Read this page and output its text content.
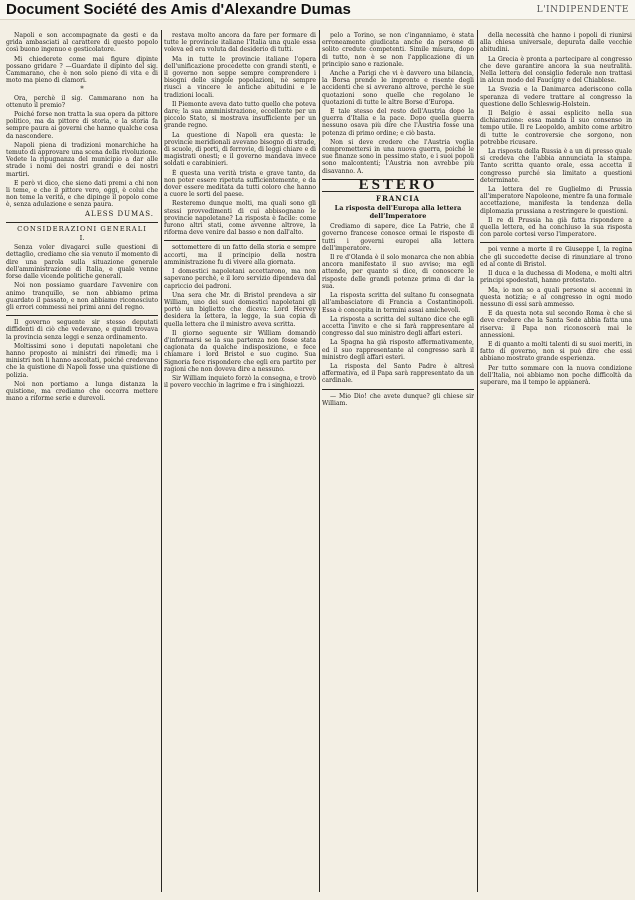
Document Société des Amis d'Alexandre Dumas	L'INDIPENDENTE

Napoli e son accompagnate da gesti e da grida ambasciati al carattere di questo popolo così buono ingenuo e gesticolatore.

Mi chiederete come mai figure dipinte possano gridare ? —Guardate il dipinto del sig. Cammarano, che è non solo pieno di vita e di moto ma pieno di clamori.

*

Ora, perchè il sig. Cammarano non ha ottenuto il premio?

Poiché forse non tratta la sua opera da pittore politico, ma da pittore di storia, e la storia fa sempre paura ai governi che hanno qualche cosa da nascondere.

Napoli piena di tradizioni monarchiche ha temuto di approvare una scena della rivoluzione. Vedete la ripugnanza del municipio a dar alle strade i nomi dei nostri grandi e dei nostri martiri.

E però vi dico, che sieno dati premi a chi non li teme, e che il pittore vero, oggi, è colui che non teme la verità, e che dipinge il popolo come è, senza adulazione e senza paura.

ALESS DUMAS.
CONSIDERAZIONI GENERALI
I.

Senza voler divagarci sulle questioni di dettaglio, crediamo che sia venuto il momento di dire una parola sulla situazione generale dell'amministrazione di Italia, e quale venne forse dalle vicende politiche generali.

Noi non possiamo guardare l'avvenire con animo tranquillo, se non abbiamo prima guardato il passato, e non abbiamo riconosciuto gli errori commessi nei primi anni del regno.

Il governo seguente sir stesso deputati diffidenti di ciò che vedevano, e quindi trovava la provincia senza leggi e senza ordinamento.

Moltissimi sono i deputati napoletani che hanno proposto ai ministri dei rimedi; ma i ministri non li hanno ascoltati, poiché credevano che la quistione di Napoli fosse una quistione di polizia.

Noi non portiamo a lunga distanza la quistione, ma crediamo che occorra mettere mano a riforme serie e durevoli.

restava molto ancora da fare per formare di tutte le provincie italiane l'Italia una quale essa voleva ed era voluta dal desiderio di tutti.

Ma in tutte le provincie italiane l'opera dell'unificazione procedette con grandi stenti, e il governo non seppe sempre comprendere i bisogni delle singole popolazioni, nè sempre riuscì a vincere le antiche abitudini e le tradizioni locali.

Il Piemonte aveva dato tutto quello che poteva dare; la sua amministrazione, eccellente per un piccolo Stato, si mostrava insufficiente per un grande regno.

La questione di Napoli era questa: le provincie meridionali avevano bisogno di strade, di scuole, di porti, di ferrovie, di leggi chiare e di magistrati onesti; e il governo mandava invece soldati e carabinieri.

È questa una verità trista e grave tanto, da non poter essere ripetuta sufficientemente, e da dover essere meditata da tutti coloro che hanno a cuore le sorti del paese.

Resteremo dunque molti, ma quali sono gli stessi provvedimenti di cui abbisognano le provincie napoletane? La risposta è facile: come furono altri stati, come avvenne altrove, la riforma deve venire dal basso e non dall'alto.

sottomettere di un fatto della storia e sempre accorti, ma il principio della nostra amministrazione fu di vivere alla giornata.

I domestici napoletani accettarono, ma non sapevano perchè, e il loro servizio dipendeva dal capriccio dei padroni.

Una sera che Mr. di Bristol prendeva a sir William, uno dei suoi domestici napoletani gli portò un biglietto che diceva: Lord Hervey desidera la lettera, la legge, la sua copia di quella lettera che il ministro aveva scritta.

Il giorno seguente sir William domandò d'informarsi se la sua partenza non fosse stata cagionata da qualche indisposizione, e fece chiamare i lord Bristol e suo cugino. Sua Signoria fece rispondere che egli era partito per ragioni che non doveva dire a nessuno.

Sir William inquieto forzò la consegna, e trovò il povero vecchio in lagrime e fra i singhiozzi.

pelo a Torino, se non c'inganniamo, è stata erroneamente giudicata anche da persone di solito credute competenti. Simile misura, dopo di tutto, non è se non l'applicazione di un principio sano e razionale.

Anche a Parigi che vi è davvero una bilancia, la Borsa prende le impronte e risente degli accidenti che si avverano altrove, perchè le sue quotazioni sono quelle che regolano le quotazioni di tutte le altre Borse d'Europa.

E tale stesso del resto dell'Austria dopo la guerra d'Italia e la pace. Dopo quella guerra nessuno osava più dire che l'Austria fosse una potenza di primo ordine; e ciò basta.

Non si deve credere che l'Austria voglia compromettersi in una nuova guerra, poiché le sue finanze sono in pessimo stato, e i suoi popoli sono malcontenti; l'Austria non avrebbe più disavanno. A.

ESTERO
FRANCIA
La risposta dell'Europa alla lettera dell'Imperatore

Crediamo di sapere, dice La Patrie, che il governo francese conosce ormai le risposte di tutti i governi europei alla lettera dell'imperatore.

Il re d'Olanda è il solo monarca che non abbia ancora manifestato il suo avviso; ma egli attende, per quanto si dice, di conoscere le risposte delle grandi potenze prima di dar la sua.

La risposta scritta del sultano fu consegnata all'ambasciatore di Francia a Costantinopoli. Essa è concepita in termini assai amichevoli.

La risposta a scritta del sultano dice che egli accetta l'invito e che si farà rappresentare al congresso dal suo ministro degli affari esteri.

La Spagna ha già risposto affermativamente, ed il suo rappresentante al congresso sarà il ministro degli affari esteri.

La risposta del Santo Padre è altresì affermativa, ed il Papa sarà rappresentato da un cardinale.

— Mio Dio! che avete dunque? gli chiese sir William.

della necessità che hanno i popoli di riunirsi alla chiesa universale, depurata dalle vecchie abitudini.

La Grecia è pronta a partecipare al congresso che deve garantire ancora la sua neutralità. Nella lettera del consiglio federale non trattasi in alcun modo del Faucigny e del Chiablese.

La Svezia e la Danimarca aderiscono colla speranza di vedere trattare al congresso la questione dello Schleswig-Holstein.

Il Belgio è assai esplicito nella sua dichiarazione: essa manda il suo consenso in tempo utile. Il re Leopoldo, ambito come arbitro di tutte le controversie che sorgono, non potrebbe ricusare.

La risposta della Russia è a un di presso quale si credeva che l'abbia annunciata la stampa. Tanto scritta quanto orale, essa accetta il congresso purché sia limitato a questioni determinate.

La lettera del re Guglielmo di Prussia all'imperatore Napoleone, mentre fa una formale accettazione, manifesta la tendenza della diplomazia prussiana a restringere le questioni.

Il re di Prussia ha già fatta rispondere a quella lettera, ed ha conchiuso la sua risposta con parole cortesi verso l'imperatore.

poi venne a morte il re Giuseppe I, la regina che gli succedette decise di rinunziare al trono ed al conte di Bristol.

Il duca e la duchessa di Modena, e molti altri principi spodestati, hanno protestato.

Ma, io non so a quali persone si accenni in questa notizia; e al congresso in ogni modo nessuno di essi sarà ammesso.

E da questa nota sul secondo Roma è che si deve credere che la Santa Sede abbia fatta una riserva: il Papa non riconoscerà mai le annessioni.

E di quanto a molti talenti di su suoi meriti, in fatto di governo, non si può dire che essi abbiano mostrato grande esperienza.

Per tutto sommare con la nuova condizione dell'Italia, noi abbiamo non poche difficoltà da superare, ma il tempo le appianerà.
